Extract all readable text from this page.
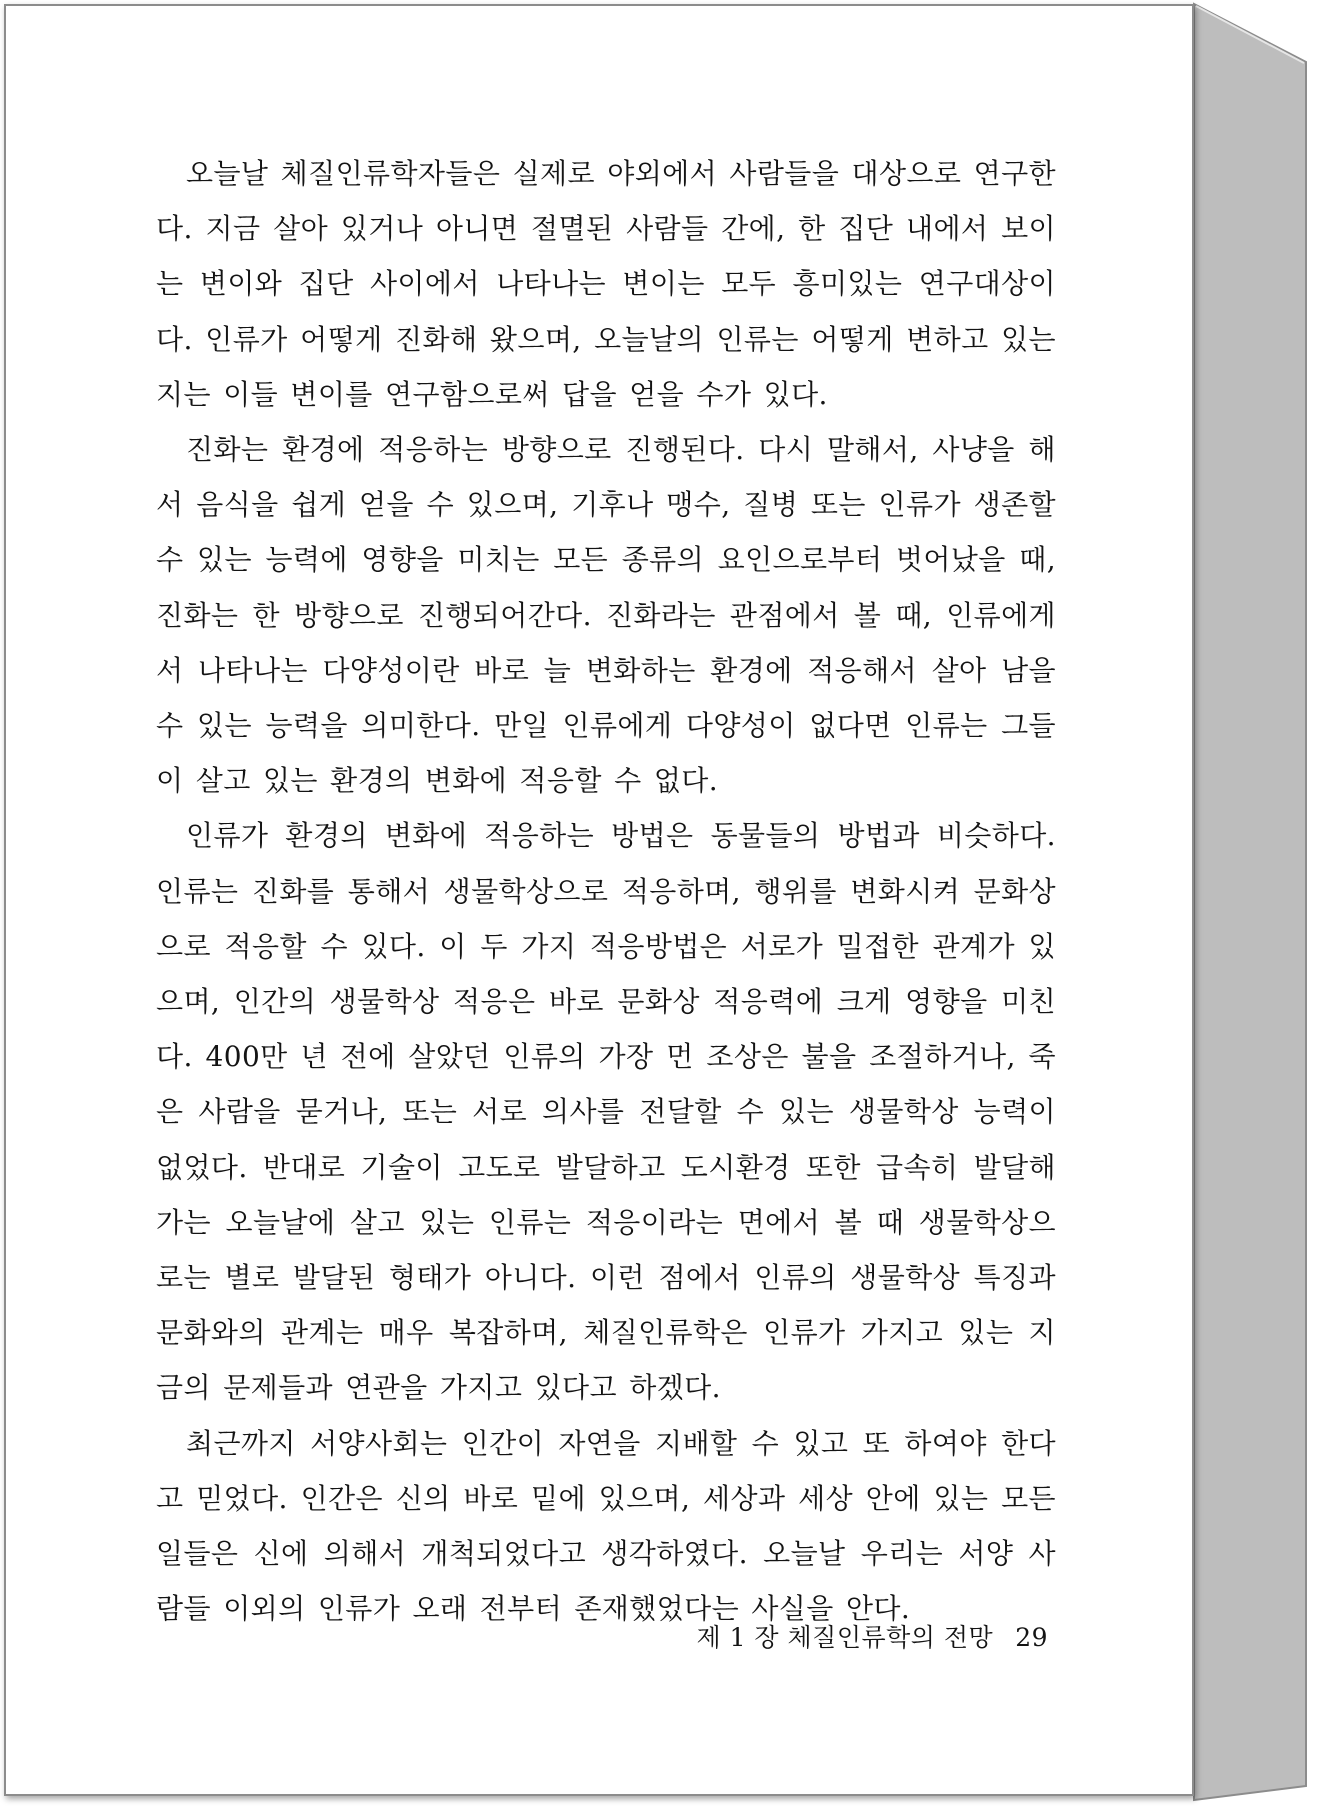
오늘날 체질인류학자들은 실제로 야외에서 사람들을 대상으로 연구한다. 지금 살아 있거나 아니면 절멸된 사람들 간에, 한 집단 내에서 보이는 변이와 집단 사이에서 나타나는 변이는 모두 흥미있는 연구대상이다. 인류가 어떻게 진화해 왔으며, 오늘날의 인류는 어떻게 변하고 있는지는 이들 변이를 연구함으로써 답을 얻을 수가 있다.

진화는 환경에 적응하는 방향으로 진행된다. 다시 말해서, 사냥을 해서 음식을 쉽게 얻을 수 있으며, 기후나 맹수, 질병 또는 인류가 생존할 수 있는 능력에 영향을 미치는 모든 종류의 요인으로부터 벗어났을 때, 진화는 한 방향으로 진행되어간다. 진화라는 관점에서 볼 때, 인류에게서 나타나는 다양성이란 바로 늘 변화하는 환경에 적응해서 살아 남을 수 있는 능력을 의미한다. 만일 인류에게 다양성이 없다면 인류는 그들이 살고 있는 환경의 변화에 적응할 수 없다.

인류가 환경의 변화에 적응하는 방법은 동물들의 방법과 비슷하다. 인류는 진화를 통해서 생물학상으로 적응하며, 행위를 변화시켜 문화상으로 적응할 수 있다. 이 두 가지 적응방법은 서로가 밀접한 관계가 있으며, 인간의 생물학상 적응은 바로 문화상 적응력에 크게 영향을 미친다. 400만 년 전에 살았던 인류의 가장 먼 조상은 불을 조절하거나, 죽은 사람을 묻거나, 또는 서로 의사를 전달할 수 있는 생물학상 능력이 없었다. 반대로 기술이 고도로 발달하고 도시환경 또한 급속히 발달해 가는 오늘날에 살고 있는 인류는 적응이라는 면에서 볼 때 생물학상으로는 별로 발달된 형태가 아니다. 이런 점에서 인류의 생물학상 특징과 문화와의 관계는 매우 복잡하며, 체질인류학은 인류가 가지고 있는 지금의 문제들과 연관을 가지고 있다고 하겠다.

최근까지 서양사회는 인간이 자연을 지배할 수 있고 또 하여야 한다고 믿었다. 인간은 신의 바로 밑에 있으며, 세상과 세상 안에 있는 모든 일들은 신에 의해서 개척되었다고 생각하였다. 오늘날 우리는 서양 사람들 이외의 인류가 오래 전부터 존재했었다는 사실을 안다.

제 1 장 체질인류학의 전망 29
